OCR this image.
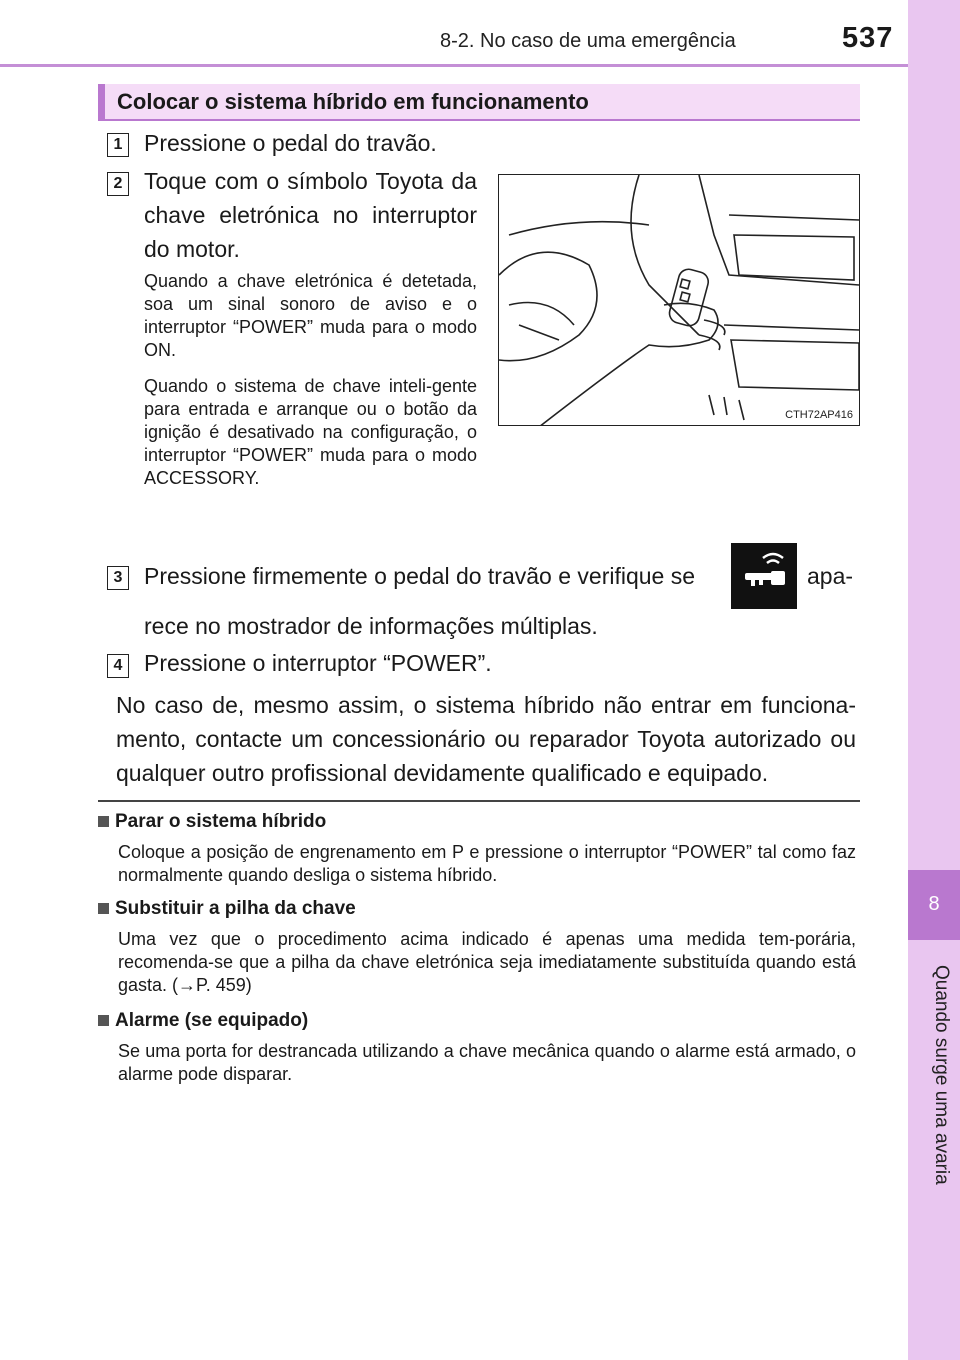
8-2. No caso de uma emergência	537
8
Quando surge uma avaria
Colocar o sistema híbrido em funcionamento
1 Pressione o pedal do travão.
2 Toque com o símbolo Toyota da chave eletrónica no interruptor do motor.
Quando a chave eletrónica é detetada, soa um sinal sonoro de aviso e o interruptor “POWER” muda para o modo ON.
Quando o sistema de chave inteli-gente para entrada e arranque ou o botão da ignição é desativado na configuração, o interruptor “POWER” muda para o modo ACCESSORY.
CTH72AP416
3 Pressione firmemente o pedal do travão e verifique se	apa-
rece no mostrador de informações múltiplas.
4 Pressione o interruptor “POWER”.
No caso de, mesmo assim, o sistema híbrido não entrar em funciona-mento, contacte um concessionário ou reparador Toyota autorizado ou qualquer outro profissional devidamente qualificado e equipado.
Parar o sistema híbrido
Coloque a posição de engrenamento em P e pressione o interruptor “POWER” tal como faz normalmente quando desliga o sistema híbrido.
Substituir a pilha da chave
Uma vez que o procedimento acima indicado é apenas uma medida tem-porária, recomenda-se que a pilha da chave eletrónica seja imediatamente substituída quando está gasta. (→P. 459)
Alarme (se equipado)
Se uma porta for destrancada utilizando a chave mecânica quando o alarme está armado, o alarme pode disparar.
